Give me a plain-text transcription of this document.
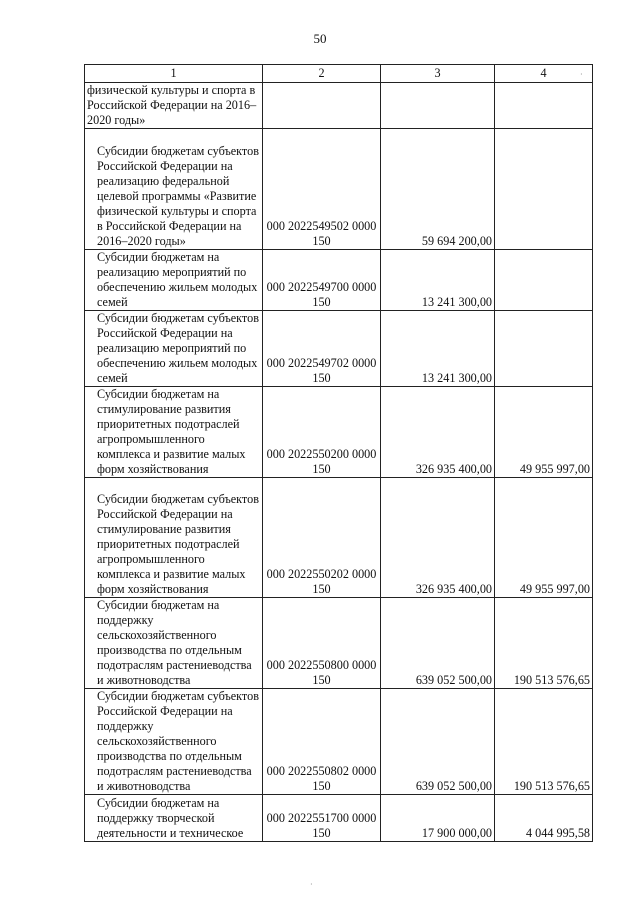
50
1	2	3	4
физической культуры и спорта в Российской Федерации на 2016–2020 годы»			
Субсидии бюджетам субъектов Российской Федерации на реализацию федеральной целевой программы «Развитие физической культуры и спорта в Российской Федерации на 2016–2020 годы»	000 2022549502 0000 150	59 694 200,00	
Субсидии бюджетам на реализацию мероприятий по обеспечению жильем молодых семей	000 2022549700 0000 150	13 241 300,00	
Субсидии бюджетам субъектов Российской Федерации на реализацию мероприятий по обеспечению жильем молодых семей	000 2022549702 0000 150	13 241 300,00	
Субсидии бюджетам на стимулирование развития приоритетных подотраслей агропромышленного комплекса и развитие малых форм хозяйствования	000 2022550200 0000 150	326 935 400,00	49 955 997,00
Субсидии бюджетам субъектов Российской Федерации на стимулирование развития приоритетных подотраслей агропромышленного комплекса и развитие малых форм хозяйствования	000 2022550202 0000 150	326 935 400,00	49 955 997,00
Субсидии бюджетам на поддержку сельскохозяйственного производства по отдельным подотраслям растениеводства и животноводства	000 2022550800 0000 150	639 052 500,00	190 513 576,65
Субсидии бюджетам субъектов Российской Федерации на поддержку сельскохозяйственного производства по отдельным подотраслям растениеводства и животноводства	000 2022550802 0000 150	639 052 500,00	190 513 576,65
Субсидии бюджетам на поддержку творческой деятельности и техническое	000 2022551700 0000 150	17 900 000,00	4 044 995,58
·
·
